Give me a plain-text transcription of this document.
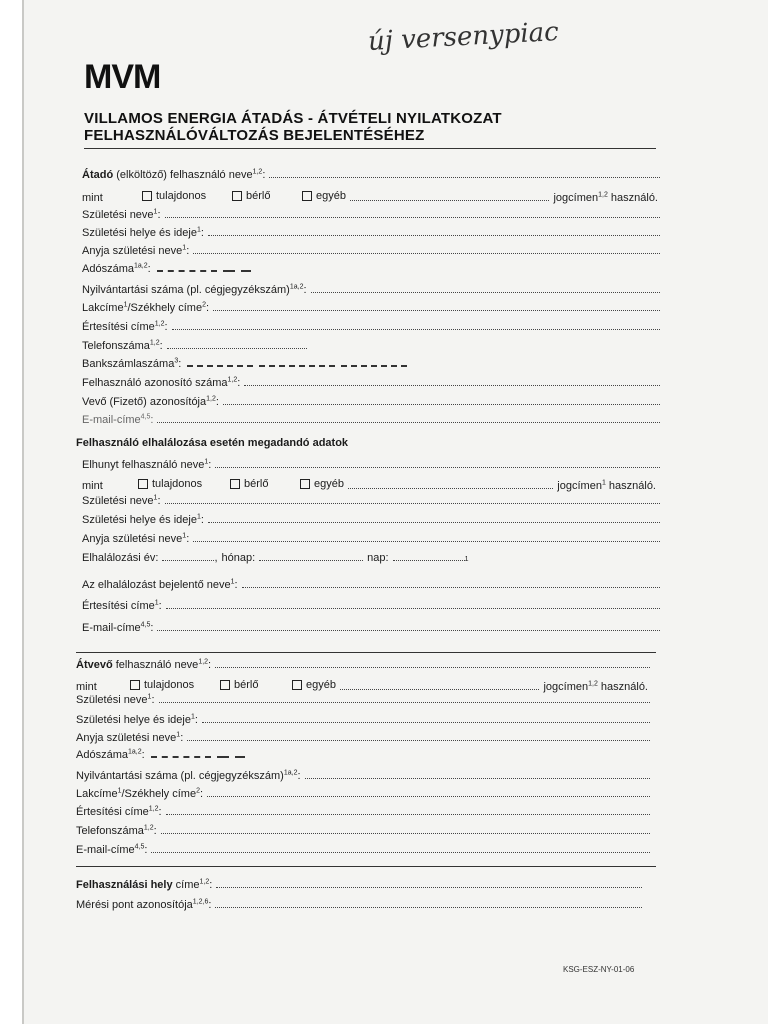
MVM
új versenypiac
VILLAMOS ENERGIA ÁTADÁS - ÁTVÉTELI NYILATKOZAT
FELHASZNÁLÓVÁLTOZÁS BEJELENTÉSÉHEZ
Átadó (elköltöző) felhasználó neve$^{1,2}$:
mint	tulajdonos	bérlő	egyéb	jogcímen$^{1,2}$ használó.
Születési neve$^1$:
Születési helye és ideje$^1$:
Anyja születési neve$^1$:
Adószáma$^{1a,2}$:
Nyilvántartási száma (pl. cégjegyzékszám)$^{1a,2}$:
Lakcíme$^1$/Székhely címe$^2$:
Értesítési címe$^{1,2}$:
Telefonszáma$^{1,2}$:
Bankszámlaszáma$^3$:
Felhasználó azonosító száma$^{1,2}$:
Vevő (Fizető) azonosítója$^{1,2}$:
E-mail-címe$^{4,5}$:
Felhasználó elhalálozása esetén megadandó adatok
Elhunyt felhasználó neve$^1$:
mint	tulajdonos	bérlő	egyéb	jogcímen$^1$ használó.
Születési neve$^1$:
Születési helye és ideje$^1$:
Anyja születési neve$^1$:
Elhalálozási év:	, hónap:	nap:	1
Az elhalálozást bejelentő neve$^1$:
Értesítési címe$^1$:
E-mail-címe$^{4,5}$:
Átvevő felhasználó neve$^{1,2}$:
mint	tulajdonos	bérlő	egyéb	jogcímen$^{1,2}$ használó.
Születési neve$^1$:
Születési helye és ideje$^1$:
Anyja születési neve$^1$:
Adószáma$^{1a,2}$:
Nyilvántartási száma (pl. cégjegyzékszám)$^{1a,2}$:
Lakcíme$^1$/Székhely címe$^2$:
Értesítési címe$^{1,2}$:
Telefonszáma$^{1,2}$:
E-mail-címe$^{4,5}$:
Felhasználási hely címe$^{1,2}$:
Mérési pont azonosítója$^{1,2,6}$:
KSG-ESZ-NY-01-06
